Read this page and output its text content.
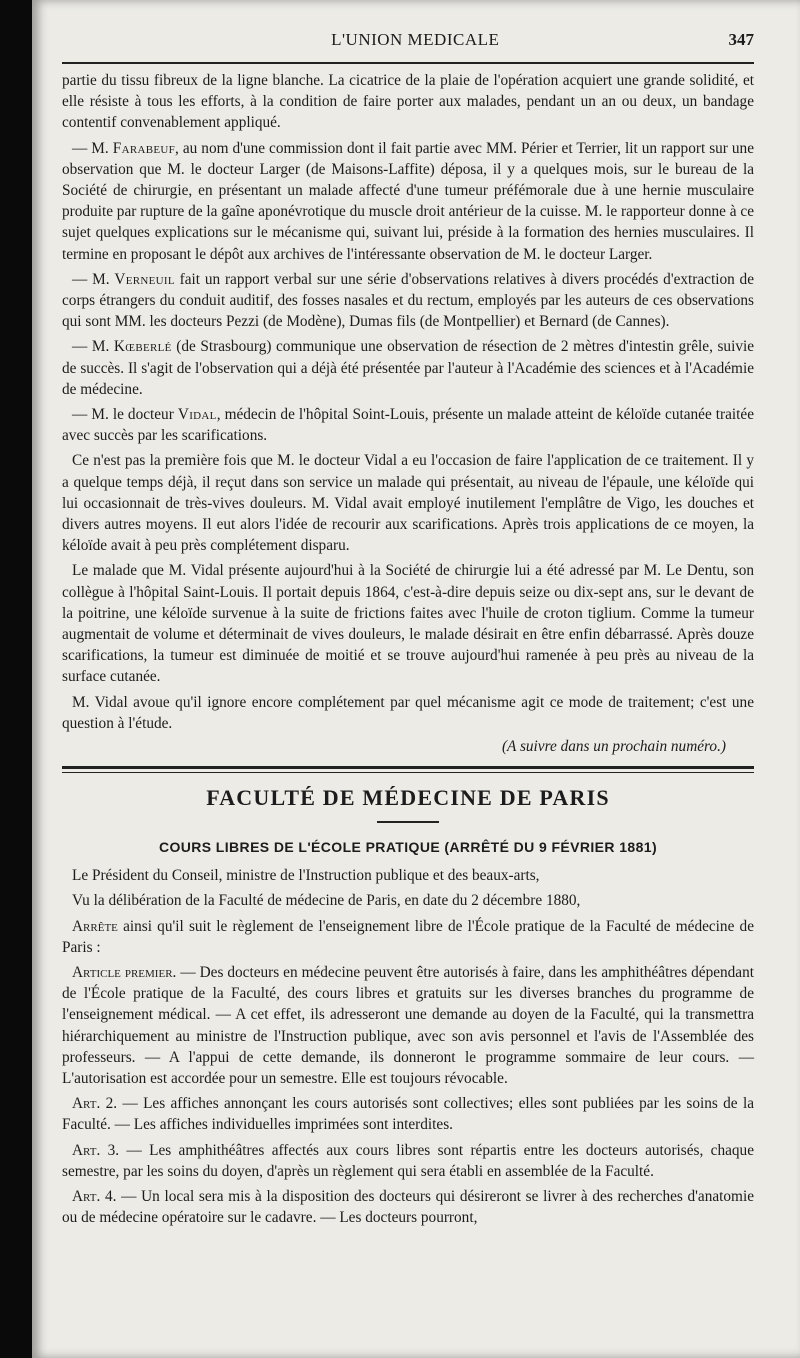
L'UNION MEDICALE	347

partie du tissu fibreux de la ligne blanche. La cicatrice de la plaie de l'opération acquiert une grande solidité, et elle résiste à tous les efforts, à la condition de faire porter aux malades, pendant un an ou deux, un bandage contentif convenablement appliqué.

— M. Farabeuf, au nom d'une commission dont il fait partie avec MM. Périer et Terrier, lit un rapport sur une observation que M. le docteur Larger (de Maisons-Laffite) déposa, il y a quelques mois, sur le bureau de la Société de chirurgie, en présentant un malade affecté d'une tumeur préfémorale due à une hernie musculaire produite par rupture de la gaîne aponévrotique du muscle droit antérieur de la cuisse. M. le rapporteur donne à ce sujet quelques explications sur le mécanisme qui, suivant lui, préside à la formation des hernies musculaires. Il termine en proposant le dépôt aux archives de l'intéressante observation de M. le docteur Larger.

— M. Verneuil fait un rapport verbal sur une série d'observations relatives à divers procédés d'extraction de corps étrangers du conduit auditif, des fosses nasales et du rectum, employés par les auteurs de ces observations qui sont MM. les docteurs Pezzi (de Modène), Dumas fils (de Montpellier) et Bernard (de Cannes).

— M. Kœberlé (de Strasbourg) communique une observation de résection de 2 mètres d'intestin grêle, suivie de succès. Il s'agit de l'observation qui a déjà été présentée par l'auteur à l'Académie des sciences et à l'Académie de médecine.

— M. le docteur Vidal, médecin de l'hôpital Soint-Louis, présente un malade atteint de kéloïde cutanée traitée avec succès par les scarifications.

Ce n'est pas la première fois que M. le docteur Vidal a eu l'occasion de faire l'application de ce traitement. Il y a quelque temps déjà, il reçut dans son service un malade qui présentait, au niveau de l'épaule, une kéloïde qui lui occasionnait de très-vives douleurs. M. Vidal avait employé inutilement l'emplâtre de Vigo, les douches et divers autres moyens. Il eut alors l'idée de recourir aux scarifications. Après trois applications de ce moyen, la kéloïde avait à peu près complétement disparu.

Le malade que M. Vidal présente aujourd'hui à la Société de chirurgie lui a été adressé par M. Le Dentu, son collègue à l'hôpital Saint-Louis. Il portait depuis 1864, c'est-à-dire depuis seize ou dix-sept ans, sur le devant de la poitrine, une kéloïde survenue à la suite de frictions faites avec l'huile de croton tiglium. Comme la tumeur augmentait de volume et déterminait de vives douleurs, le malade désirait en être enfin débarrassé. Après douze scarifications, la tumeur est diminuée de moitié et se trouve aujourd'hui ramenée à peu près au niveau de la surface cutanée.

M. Vidal avoue qu'il ignore encore complétement par quel mécanisme agit ce mode de traitement; c'est une question à l'étude.

(A suivre dans un prochain numéro.)
FACULTÉ DE MÉDECINE DE PARIS
COURS LIBRES DE L'ÉCOLE PRATIQUE (ARRÊTÉ DU 9 FÉVRIER 1881)

Le Président du Conseil, ministre de l'Instruction publique et des beaux-arts,

Vu la délibération de la Faculté de médecine de Paris, en date du 2 décembre 1880,

Arrête ainsi qu'il suit le règlement de l'enseignement libre de l'École pratique de la Faculté de médecine de Paris :

Article premier. — Des docteurs en médecine peuvent être autorisés à faire, dans les amphithéâtres dépendant de l'École pratique de la Faculté, des cours libres et gratuits sur les diverses branches du programme de l'enseignement médical. — A cet effet, ils adresseront une demande au doyen de la Faculté, qui la transmettra hiérarchiquement au ministre de l'Instruction publique, avec son avis personnel et l'avis de l'Assemblée des professeurs. — A l'appui de cette demande, ils donneront le programme sommaire de leur cours. — L'autorisation est accordée pour un semestre. Elle est toujours révocable.

Art. 2. — Les affiches annonçant les cours autorisés sont collectives; elles sont publiées par les soins de la Faculté. — Les affiches individuelles imprimées sont interdites.

Art. 3. — Les amphithéâtres affectés aux cours libres sont répartis entre les docteurs autorisés, chaque semestre, par les soins du doyen, d'après un règlement qui sera établi en assemblée de la Faculté.

Art. 4. — Un local sera mis à la disposition des docteurs qui désireront se livrer à des recherches d'anatomie ou de médecine opératoire sur le cadavre. — Les docteurs pourront,
